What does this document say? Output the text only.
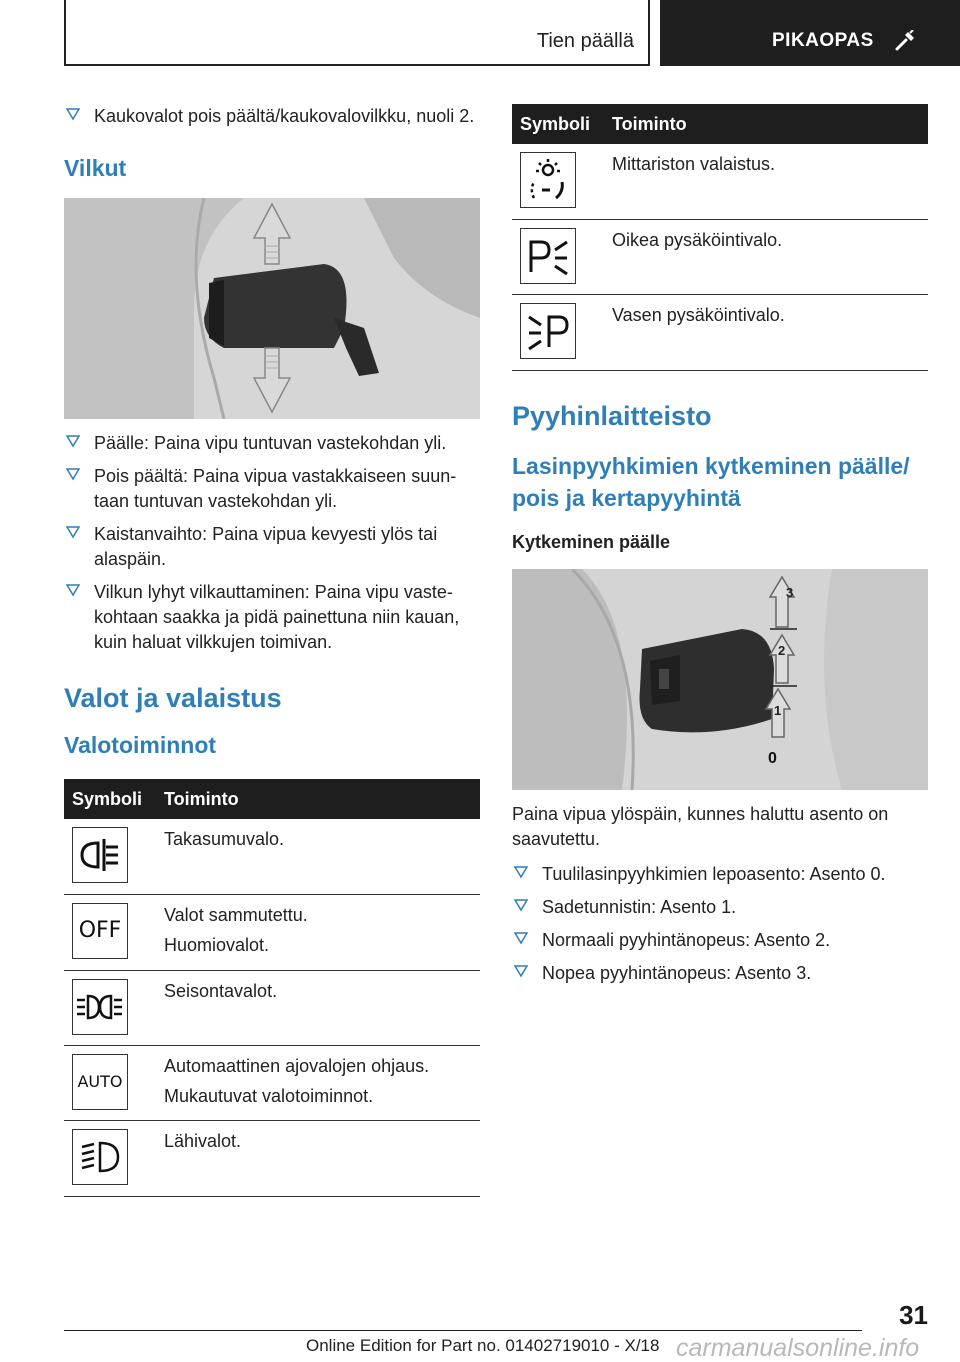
Tien päällä	PIKAOPAS
Kaukovalot pois päältä/kaukovalovilkku, nuoli 2.
Vilkut
Päälle: Paina vipu tuntuvan vastekohdan yli.
Pois päältä: Paina vipua vastakkaiseen suun-taan tuntuvan vastekohdan yli.
Kaistanvaihto: Paina vipua kevyesti ylös tai alaspäin.
Vilkun lyhyt vilkauttaminen: Paina vipu vaste-kohtaan saakka ja pidä painettuna niin kauan, kuin haluat vilkkujen toimivan.
Valot ja valaistus
Valotoiminnot
Symboli	Toiminto

Takasumuvalo.

OFF	Valot sammutettu.

Huomiovalot.

Seisontavalot.

AUTO	Automaattinen ajovalojen ohjaus.

Mukautuvat valotoiminnot.

Lähivalot.

Symboli	Toiminto

Mittariston valaistus.

Oikea pysäköintivalo.

Vasen pysäköintivalo.

Pyyhinlaitteisto
Lasinpyyhkimien kytkeminen päälle/ pois ja kertapyyhintä
Kytkeminen päälle
3
2
1
0

Paina vipua ylöspäin, kunnes haluttu asento on saavutettu.

Tuulilasinpyyhkimien lepoasento: Asento 0.
Sadetunnistin: Asento 1.
Normaali pyyhintänopeus: Asento 2.
Nopea pyyhintänopeus: Asento 3.
31
Online Edition for Part no. 01402719010 - X/18 carmanualsonline.info
